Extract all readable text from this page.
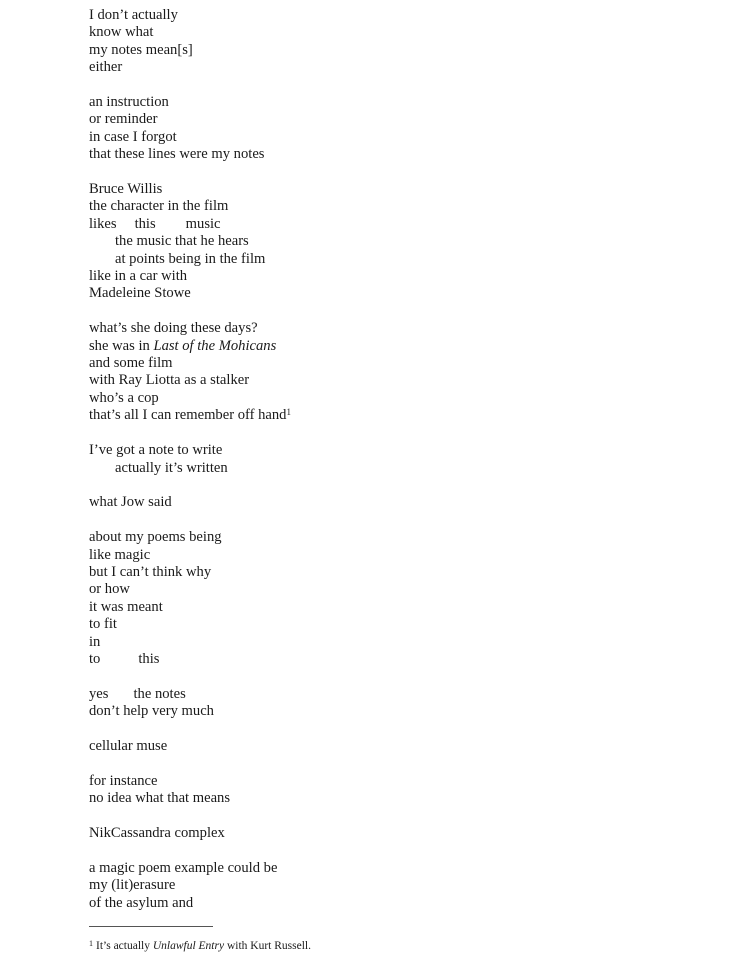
I don’t actually
know what
my notes mean[s]
either
an instruction
or reminder
in case I forgot
that these lines were my notes
Bruce Willis
the character in the film
likes this music
the music that he hears
at points being in the film
like in a car with
Madeleine Stowe
what’s she doing these days?
she was in Last of the Mohicans
and some film
with Ray Liotta as a stalker
who’s a cop
that’s all I can remember off hand$^1$
I’ve got a note to write
actually it’s written
what Jow said
about my poems being
like magic
but I can’t think why
or how
it was meant
to fit
in
to	this
yes the notes
don’t help very much
cellular muse
for instance
no idea what that means
NikCassandra complex
a magic poem example could be
my (lit)erasure
of the asylum and
$^1$ It’s actually Unlawful Entry with Kurt Russell.
